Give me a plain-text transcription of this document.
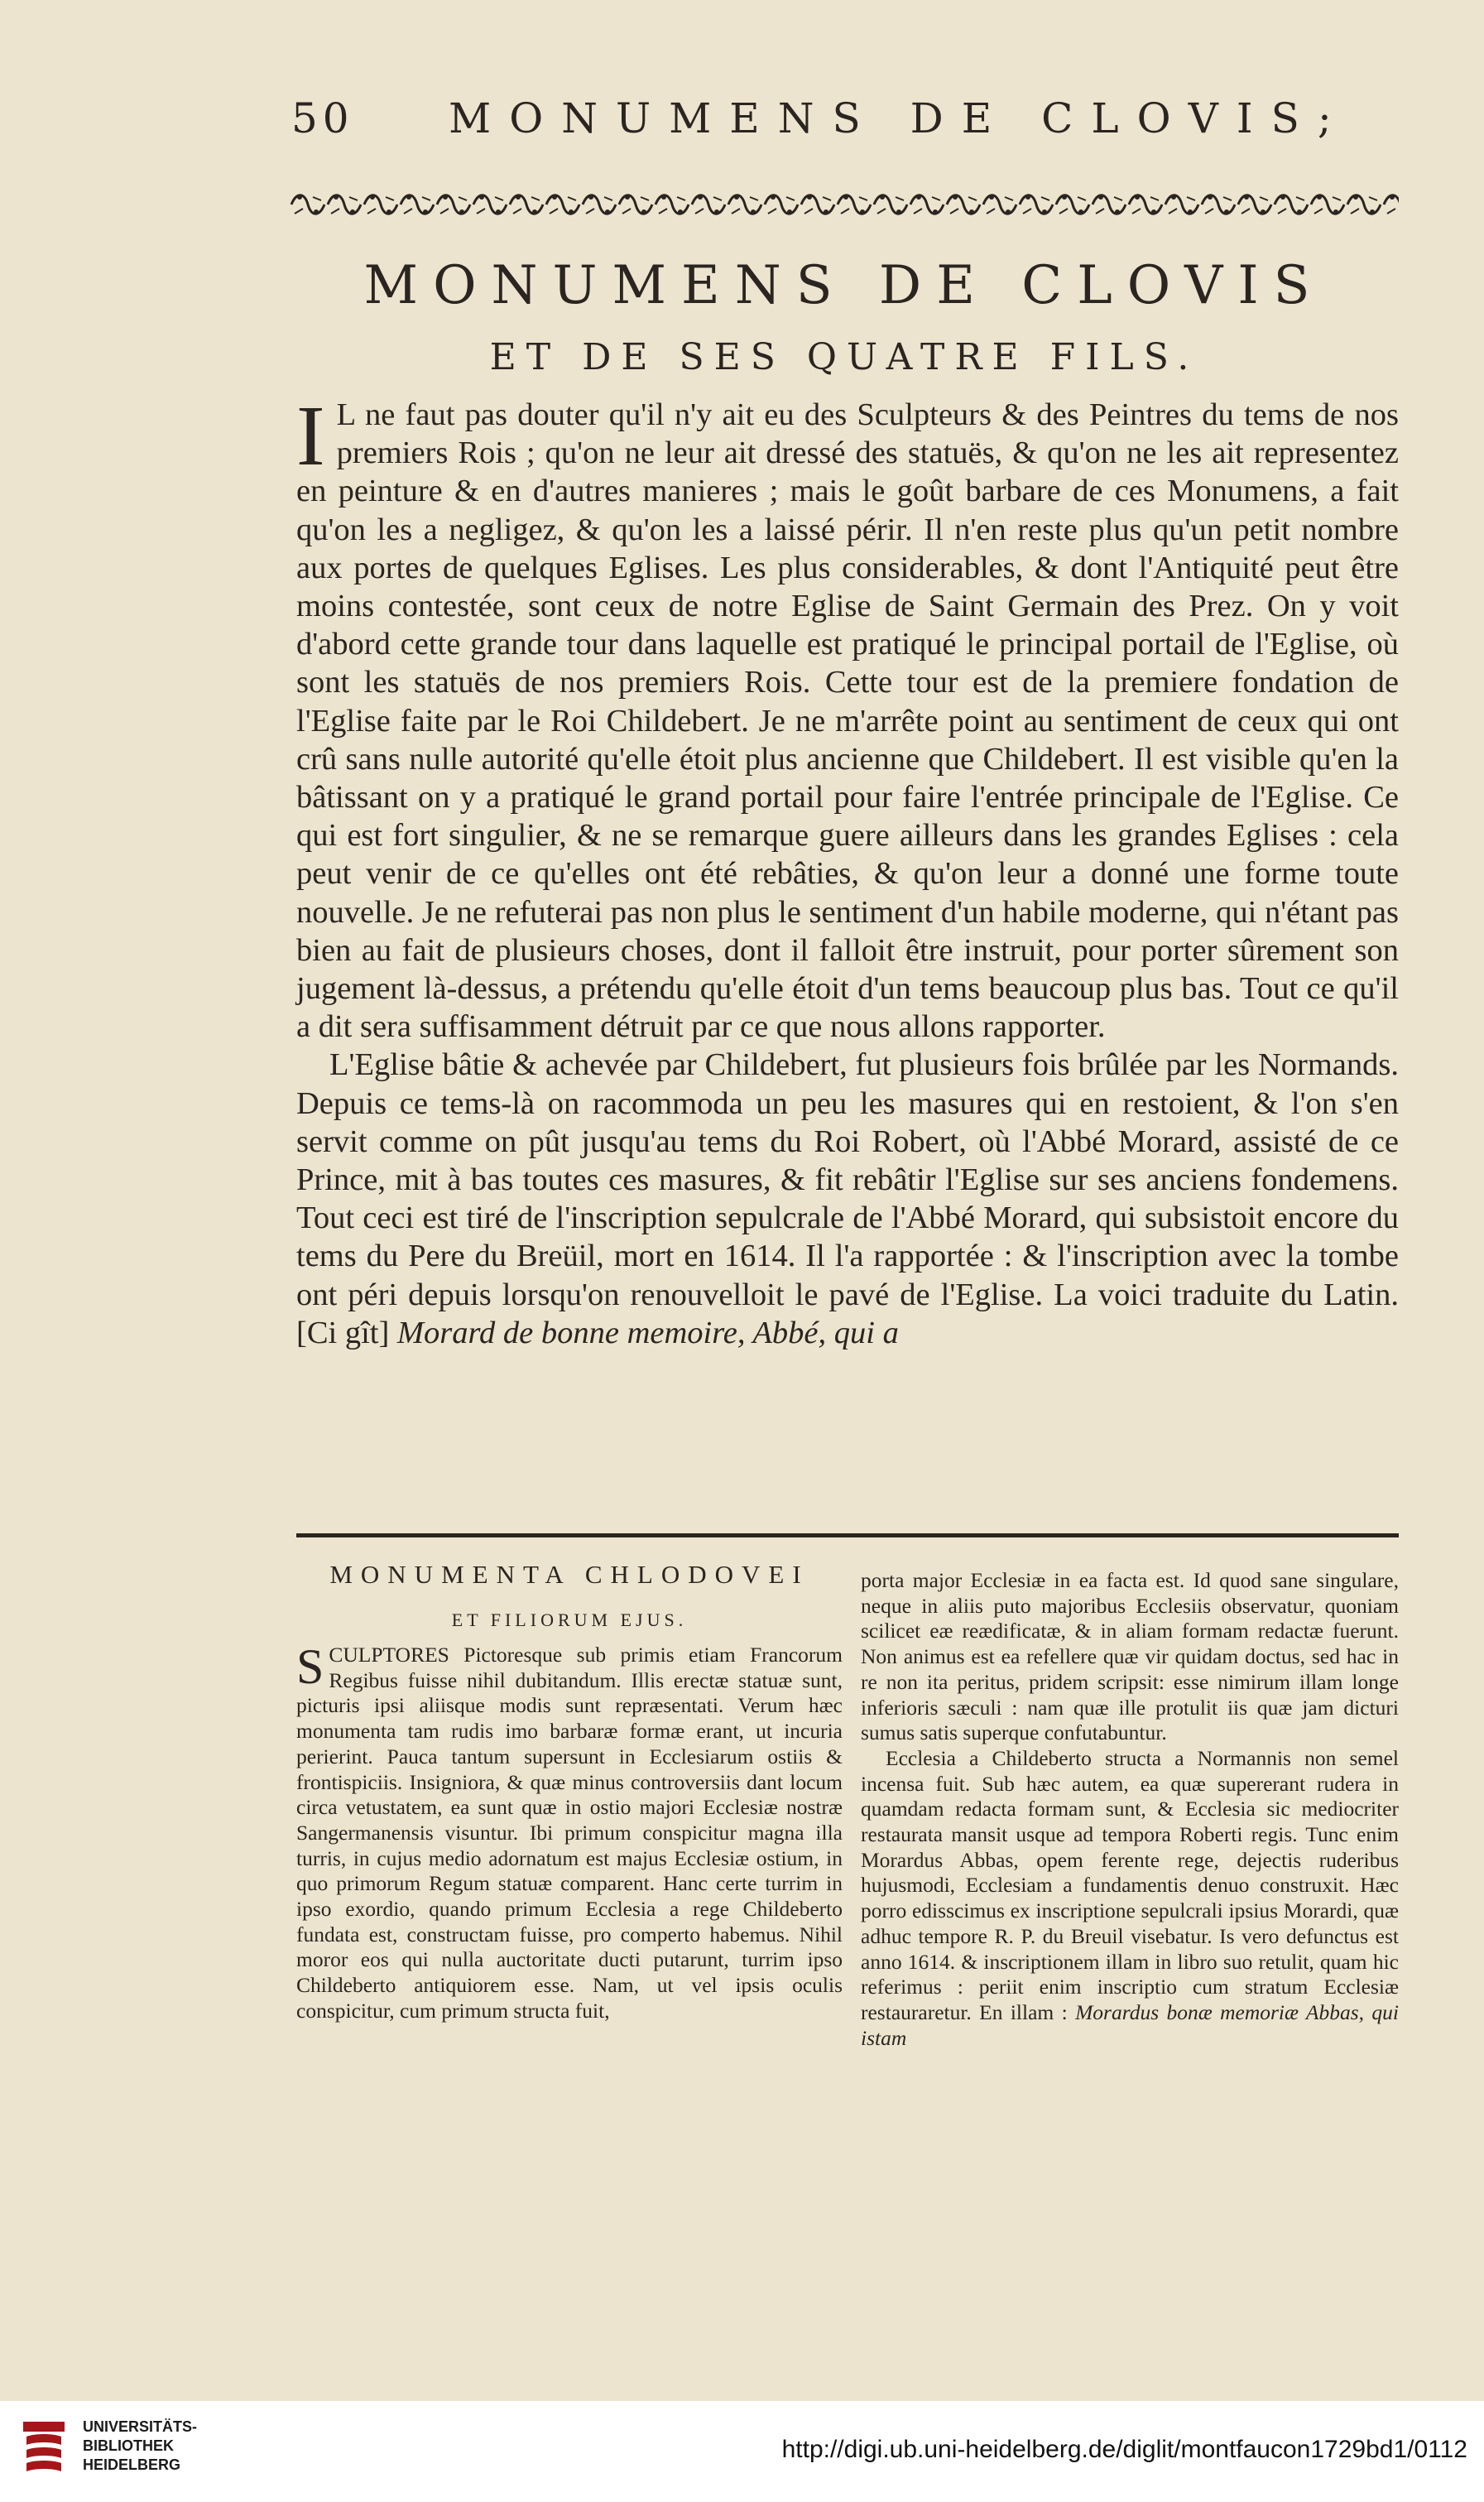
50 MONUMENS DE CLOVIS;
MONUMENS DE CLOVIS
ET DE SES QUATRE FILS.

I L ne faut pas douter qu'il n'y ait eu des Sculpteurs & des Peintres du tems de nos premiers Rois ; qu'on ne leur ait dressé des statuës, & qu'on ne les ait representez en peinture & en d'autres manieres ; mais le goût barbare de ces Monumens, a fait qu'on les a negligez, & qu'on les a laissé périr. Il n'en reste plus qu'un petit nombre aux portes de quelques Eglises. Les plus considerables, & dont l'Antiquité peut être moins contestée, sont ceux de notre Eglise de Saint Germain des Prez. On y voit d'abord cette grande tour dans laquelle est pratiqué le principal portail de l'Eglise, où sont les statuës de nos premiers Rois. Cette tour est de la premiere fondation de l'Eglise faite par le Roi Childebert. Je ne m'arrête point au sentiment de ceux qui ont crû sans nulle autorité qu'elle étoit plus ancienne que Childebert. Il est visible qu'en la bâtissant on y a pratiqué le grand portail pour faire l'entrée principale de l'Eglise. Ce qui est fort singulier, & ne se remarque guere ailleurs dans les grandes Eglises : cela peut venir de ce qu'elles ont été rebâties, & qu'on leur a donné une forme toute nouvelle. Je ne refuterai pas non plus le sentiment d'un habile moderne, qui n'étant pas bien au fait de plusieurs choses, dont il falloit être instruit, pour porter sûrement son jugement là-dessus, a prétendu qu'elle étoit d'un tems beaucoup plus bas. Tout ce qu'il a dit sera suffisamment détruit par ce que nous allons rapporter.

L'Eglise bâtie & achevée par Childebert, fut plusieurs fois brûlée par les Normands. Depuis ce tems-là on racommoda un peu les masures qui en restoient, & l'on s'en servit comme on pût jusqu'au tems du Roi Robert, où l'Abbé Morard, assisté de ce Prince, mit à bas toutes ces masures, & fit rebâtir l'Eglise sur ses anciens fondemens. Tout ceci est tiré de l'inscription sepulcrale de l'Abbé Morard, qui subsistoit encore du tems du Pere du Breüil, mort en 1614. Il l'a rapportée : & l'inscription avec la tombe ont péri depuis lorsqu'on renouvelloit le pavé de l'Eglise. La voici traduite du Latin. [Ci gît] Morard de bonne memoire, Abbé, qui a

MONUMENTA CHLODOVEI
ET FILIORUM EJUS.

SCULPTORES Pictoresque sub primis etiam Francorum Regibus fuisse nihil dubitandum. Illis erectæ statuæ sunt, picturis ipsi aliisque modis sunt repræsentati. Verum hæc monumenta tam rudis imo barbaræ formæ erant, ut incuria perierint. Pauca tantum supersunt in Ecclesiarum ostiis & frontispiciis. Insigniora, & quæ minus controversiis dant locum circa vetustatem, ea sunt quæ in ostio majori Ecclesiæ nostræ Sangermanensis visuntur. Ibi primum conspicitur magna illa turris, in cujus medio adornatum est majus Ecclesiæ ostium, in quo primorum Regum statuæ comparent. Hanc certe turrim in ipso exordio, quando primum Ecclesia a rege Childeberto fundata est, constructam fuisse, pro comperto habemus. Nihil moror eos qui nulla auctoritate ducti putarunt, turrim ipso Childeberto antiquiorem esse. Nam, ut vel ipsis oculis conspicitur, cum primum structa fuit,

porta major Ecclesiæ in ea facta est. Id quod sane singulare, neque in aliis puto majoribus Ecclesiis observatur, quoniam scilicet eæ reædificatæ, & in aliam formam redactæ fuerunt. Non animus est ea refellere quæ vir quidam doctus, sed hac in re non ita peritus, pridem scripsit: esse nimirum illam longe inferioris sæculi : nam quæ ille protulit iis quæ jam dicturi sumus satis superque confutabuntur.

Ecclesia a Childeberto structa a Normannis non semel incensa fuit. Sub hæc autem, ea quæ supererant rudera in quamdam redacta formam sunt, & Ecclesia sic mediocriter restaurata mansit usque ad tempora Roberti regis. Tunc enim Morardus Abbas, opem ferente rege, dejectis ruderibus hujusmodi, Ecclesiam a fundamentis denuo construxit. Hæc porro edisscimus ex inscriptione sepulcrali ipsius Morardi, quæ adhuc tempore R. P. du Breuil visebatur. Is vero defunctus est anno 1614. & inscriptionem illam in libro suo retulit, quam hic referimus : periit enim inscriptio cum stratum Ecclesiæ restauraretur. En illam : Morardus bonæ memoriæ Abbas, qui istam

UNIVERSITÄTS-
BIBLIOTHEK
HEIDELBERG
http://digi.ub.uni-heidelberg.de/diglit/montfaucon1729bd1/0112
